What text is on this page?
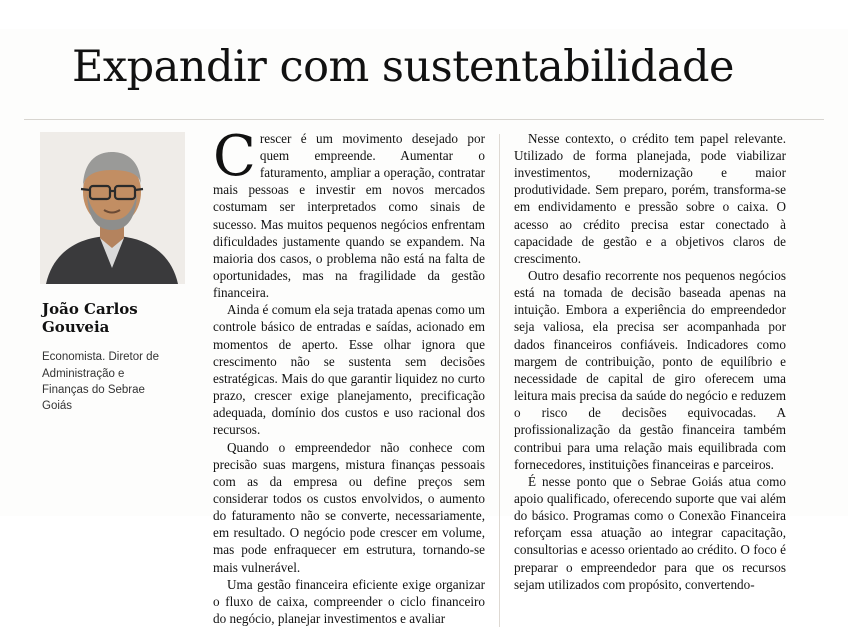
Expandir com sustentabilidade
João Carlos
Gouveia
Economista. Diretor de Administração e Finanças do Sebrae Goiás

Crescer é um movimento desejado por quem empreende. Aumentar o faturamento, ampliar a operação, contratar mais pessoas e investir em novos mercados costumam ser interpretados como sinais de sucesso. Mas muitos pequenos negócios enfrentam dificuldades justamente quando se expandem. Na maioria dos casos, o problema não está na falta de oportunidades, mas na fragilidade da gestão financeira.

Ainda é comum ela seja tratada apenas como um controle básico de entradas e saídas, acionado em momentos de aperto. Esse olhar ignora que crescimento não se sustenta sem decisões estratégicas. Mais do que garantir liquidez no curto prazo, crescer exige planejamento, precificação adequada, domínio dos custos e uso racional dos recursos.

Quando o empreendedor não conhece com precisão suas margens, mistura finanças pessoais com as da empresa ou define preços sem considerar todos os custos envolvidos, o aumento do faturamento não se converte, necessariamente, em resultado. O negócio pode crescer em volume, mas pode enfraquecer em estrutura, tornando-se mais vulnerável.

Uma gestão financeira eficiente exige organizar o fluxo de caixa, compreender o ciclo financeiro do negócio, planejar investimentos e avaliar

Nesse contexto, o crédito tem papel relevante. Utilizado de forma planejada, pode viabilizar investimentos, modernização e maior produtividade. Sem preparo, porém, transforma-se em endividamento e pressão sobre o caixa. O acesso ao crédito precisa estar conectado à capacidade de gestão e a objetivos claros de crescimento.

Outro desafio recorrente nos pequenos negócios está na tomada de decisão baseada apenas na intuição. Embora a experiência do empreendedor seja valiosa, ela precisa ser acompanhada por dados financeiros confiáveis. Indicadores como margem de contribuição, ponto de equilíbrio e necessidade de capital de giro oferecem uma leitura mais precisa da saúde do negócio e reduzem o risco de decisões equivocadas. A profissionalização da gestão financeira também contribui para uma relação mais equilibrada com fornecedores, instituições financeiras e parceiros.

É nesse ponto que o Sebrae Goiás atua como apoio qualificado, oferecendo suporte que vai além do básico. Programas como o Conexão Financeira reforçam essa atuação ao integrar capacitação, consultorias e acesso orientado ao crédito. O foco é preparar o empreendedor para que os recursos sejam utilizados com propósito, convertendo-
